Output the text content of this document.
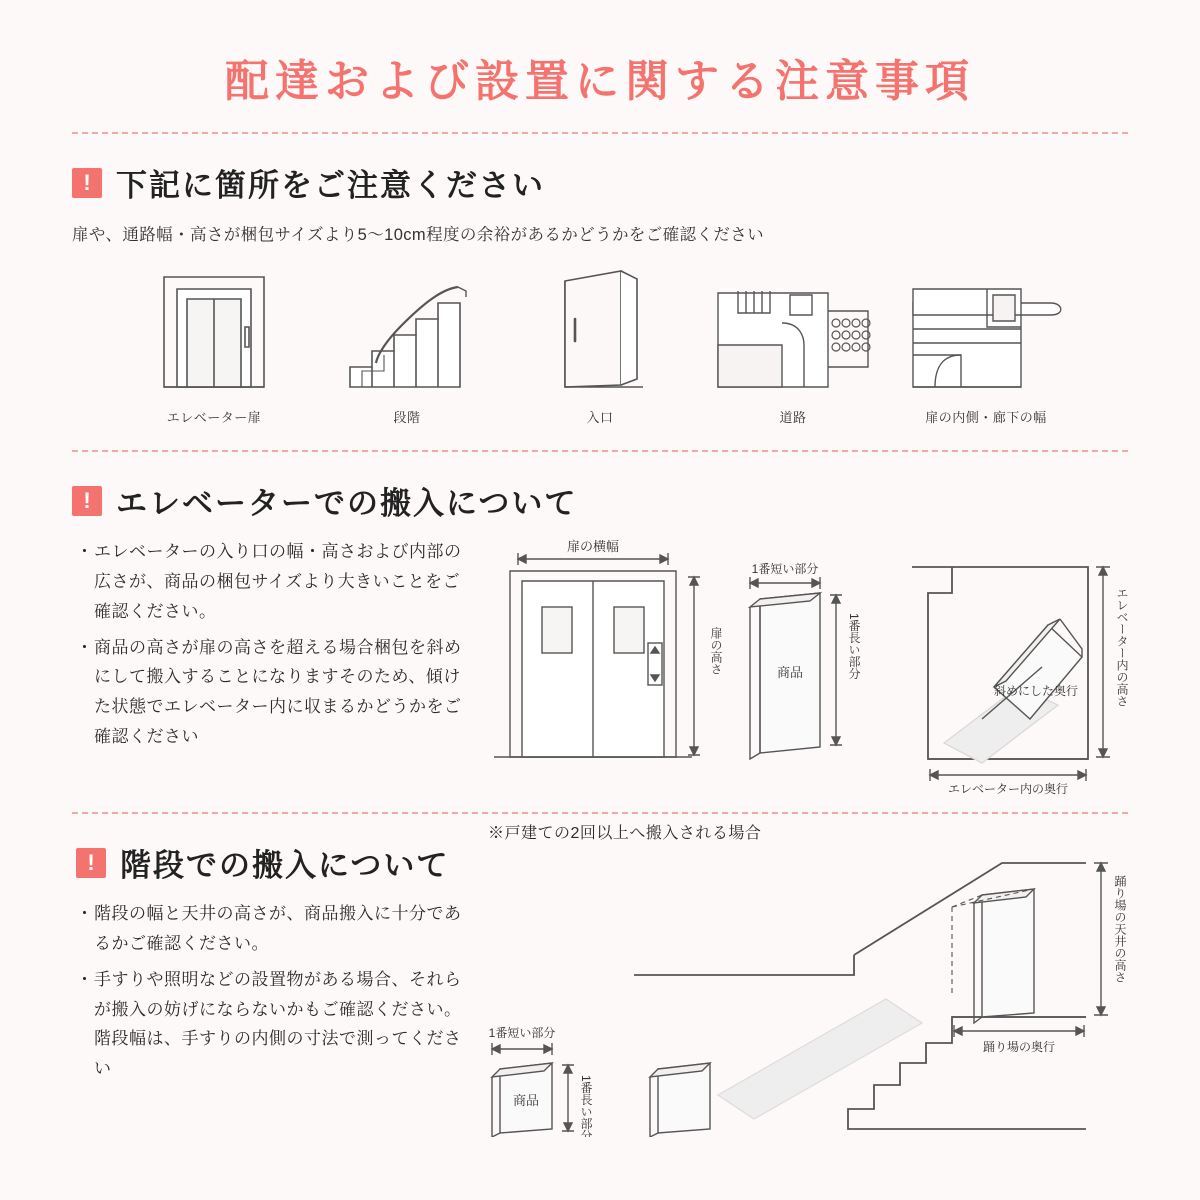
配達および設置に関する注意事項
! 下記に箇所をご注意ください
扉や、通路幅・高さが梱包サイズより5〜10cm程度の余裕があるかどうかをご確認ください
エレベーター扉	段階	入口	道路	扉の内側・廊下の幅
! エレベーターでの搬入について
・ エレベーターの入り口の幅・高さおよび内部の広さが、商品の梱包サイズより大きいことをご確認ください。
・ 商品の高さが扉の高さを超える場合梱包を斜めにして搬入することになりますそのため、傾けた状態でエレベーター内に収まるかどうかをご確認ください
扉の横幅
1番短い部分
商品
斜めにした奥行
エレベーター内の奥行
扉の高さ	1番長い部分	エレベーター内の高さ
! 階段での搬入について
・ 階段の幅と天井の高さが、商品搬入に十分であるかご確認ください。
・ 手すりや照明などの設置物がある場合、それらが搬入の妨げにならないかもご確認ください。階段幅は、手すりの内側の寸法で測ってください
※戸建ての2回以上へ搬入される場合
1番短い部分
商品
踊り場の奥行
1番長い部分
踊り場の天井の高さ
